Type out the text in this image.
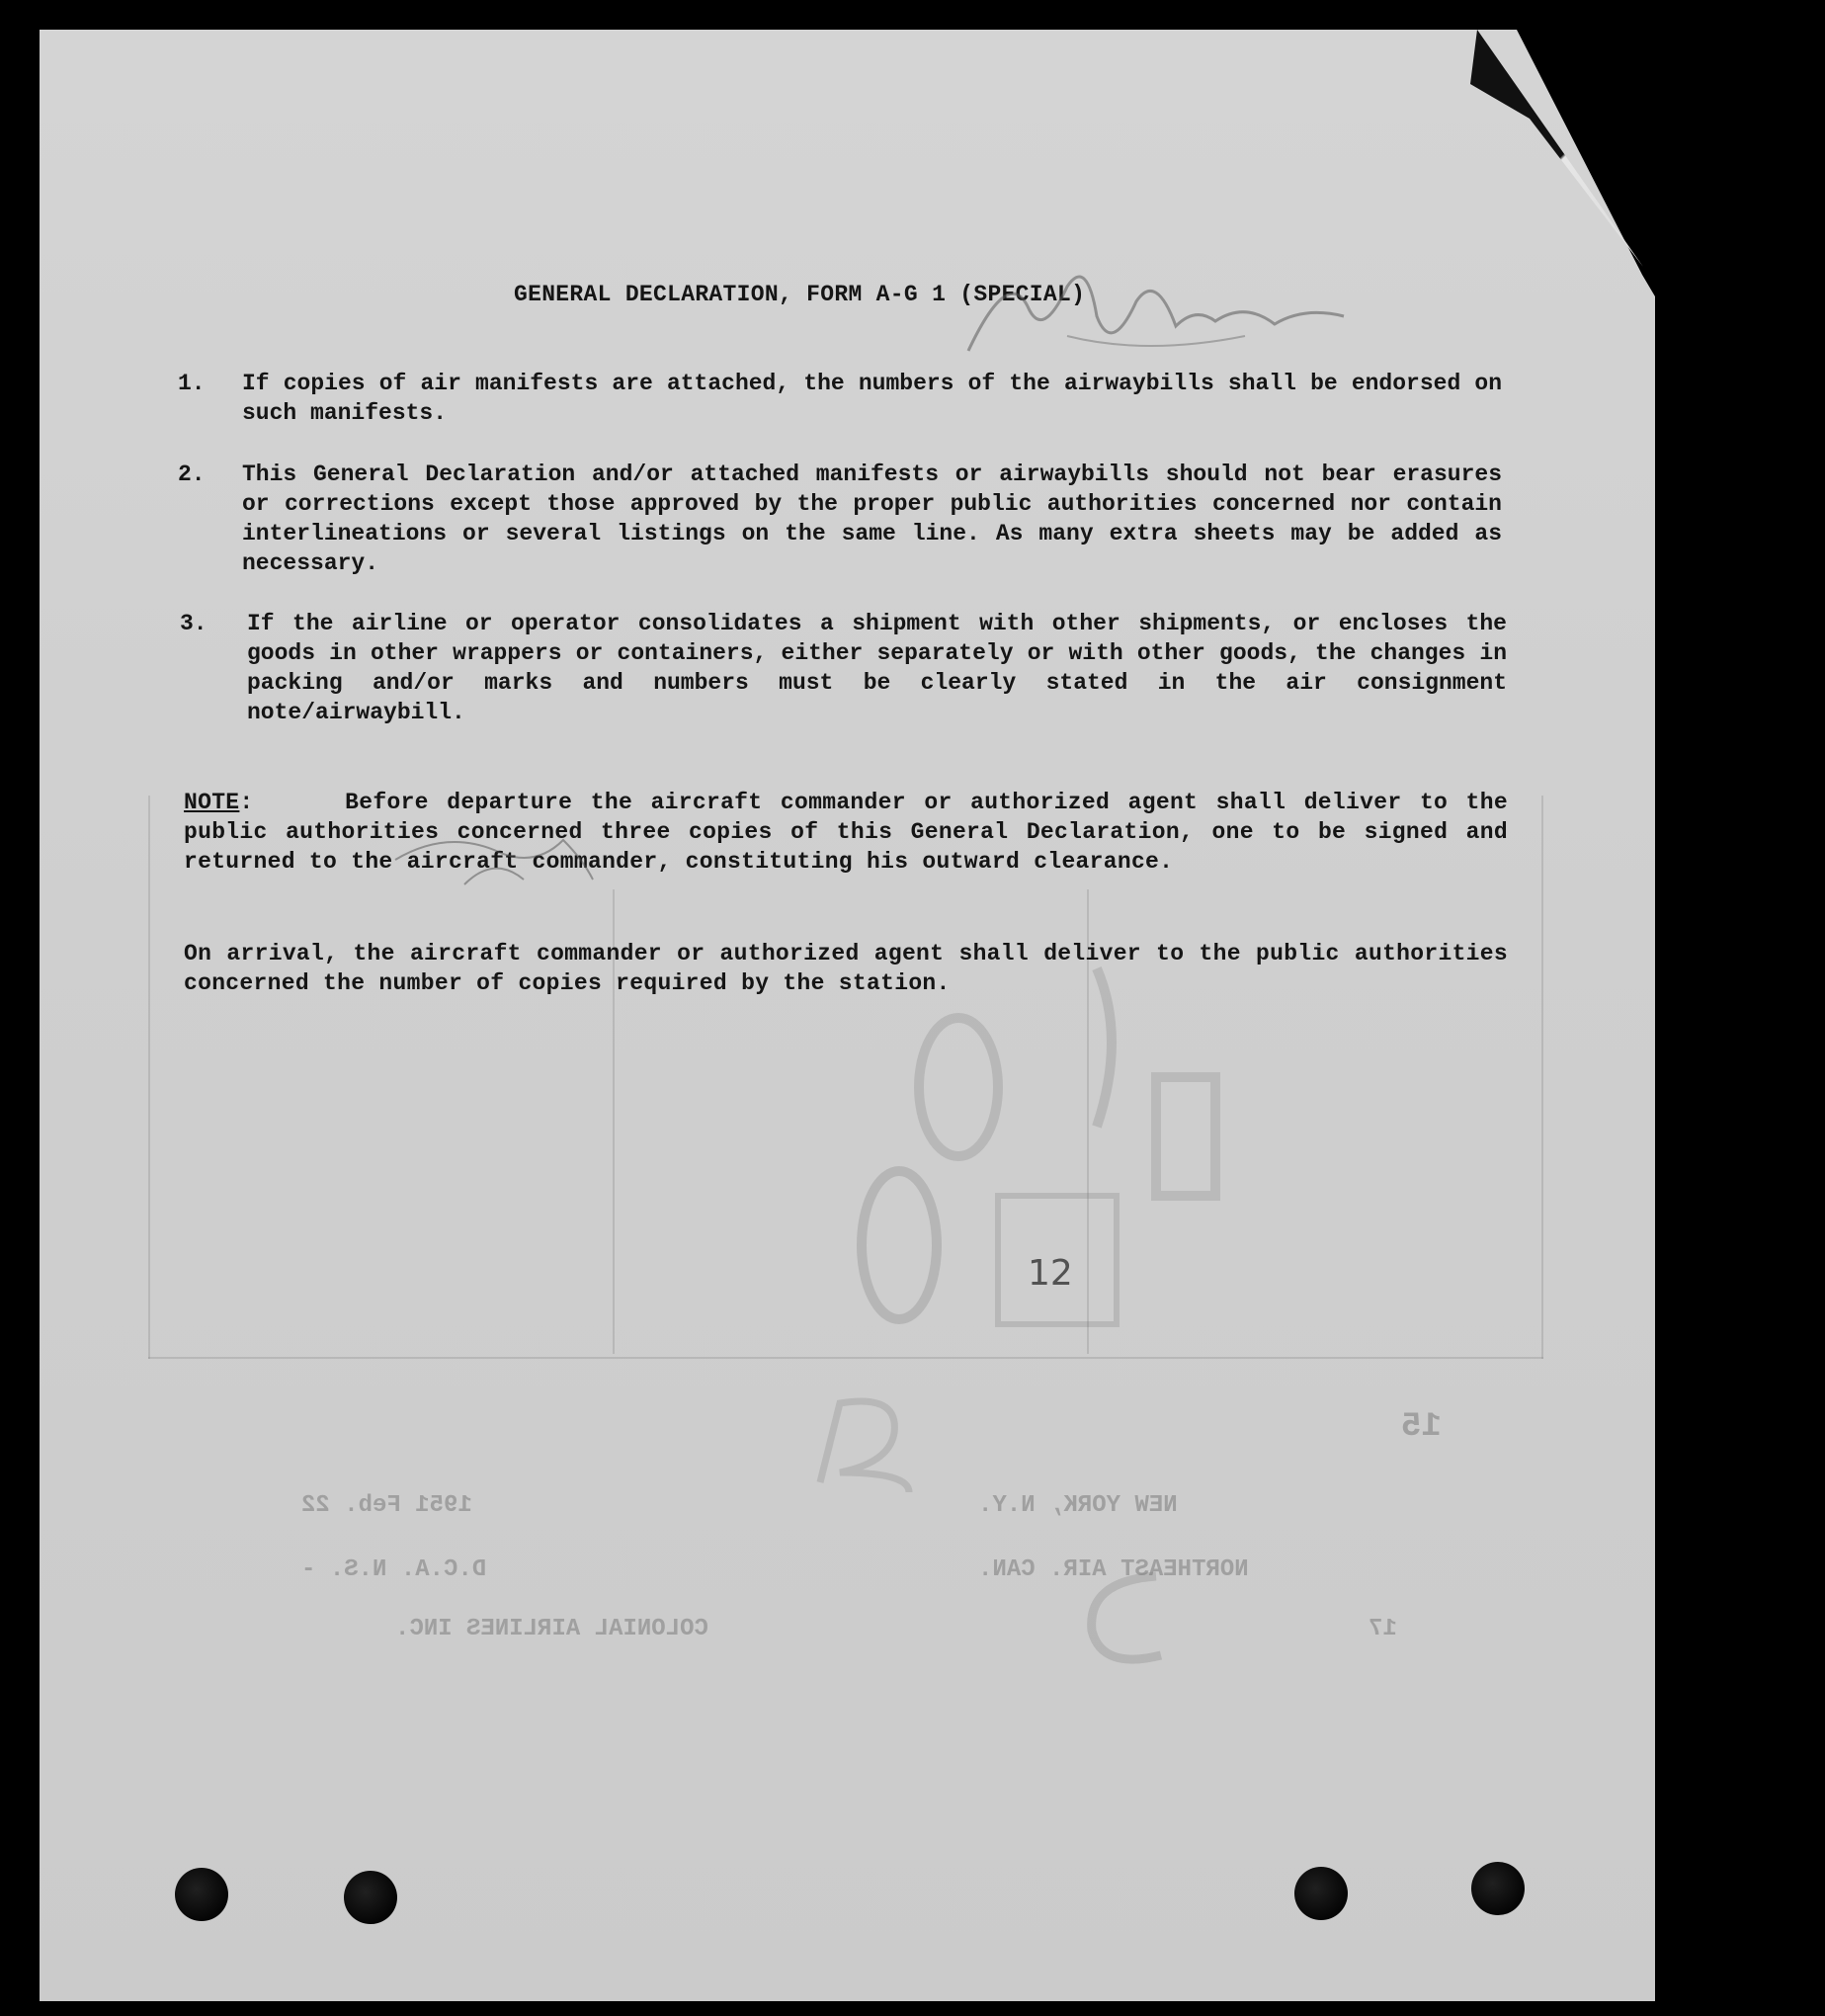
COLONIAL AIRLINES INC.
D.C.A. N.S. -
1951 Feb. 22	NEW YORK, N.Y.
NORTHEAST AIR. CAN.
15
17
GENERAL DECLARATION, FORM A-G 1 (SPECIAL)
1. If copies of air manifests are attached, the numbers of the airwaybills shall be endorsed on such manifests.
2. This General Declaration and/or attached manifests or airwaybills should not bear erasures or corrections except those approved by the proper public authorities concerned nor contain interlineations or several listings on the same line. As many extra sheets may be added as necessary.
3. If the airline or operator consolidates a shipment with other shipments, or encloses the goods in other wrappers or containers, either separately or with other goods, the changes in packing and/or marks and numbers must be clearly stated in the air consignment note/airwaybill.
NOTE:     Before departure the aircraft commander or authorized agent shall deliver to the public authorities concerned three copies of this General Declaration, one to be signed and returned to the aircraft commander, constituting his outward clearance.
On arrival, the aircraft commander or authorized agent shall deliver to the public authorities concerned the number of copies required by the station.
12
